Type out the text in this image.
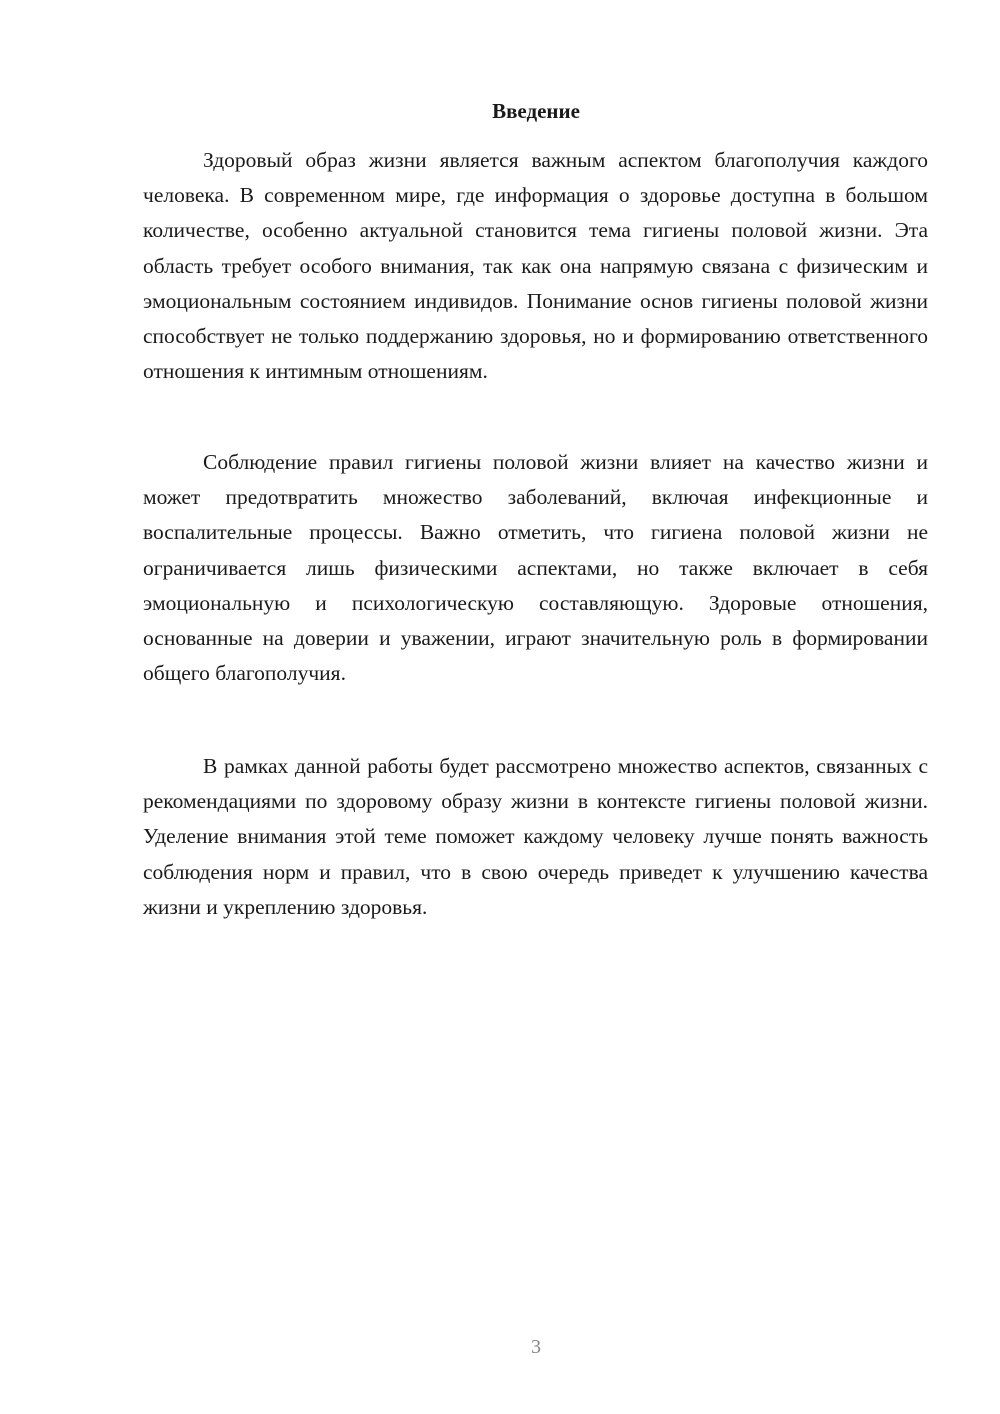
Введение

Здоровый образ жизни является важным аспектом благополучия каждого человека. В современном мире, где информация о здоровье доступна в большом количестве, особенно актуальной становится тема гигиены половой жизни. Эта область требует особого внимания, так как она напрямую связана с физическим и эмоциональным состоянием индивидов. Понимание основ гигиены половой жизни способствует не только поддержанию здоровья, но и формированию ответственного отношения к интимным отношениям.

Соблюдение правил гигиены половой жизни влияет на качество жизни и может предотвратить множество заболеваний, включая инфекционные и воспалительные процессы. Важно отметить, что гигиена половой жизни не ограничивается лишь физическими аспектами, но также включает в себя эмоциональную и психологическую составляющую. Здоровые отношения, основанные на доверии и уважении, играют значительную роль в формировании общего благополучия.

В рамках данной работы будет рассмотрено множество аспектов, связанных с рекомендациями по здоровому образу жизни в контексте гигиены половой жизни. Уделение внимания этой теме поможет каждому человеку лучше понять важность соблюдения норм и правил, что в свою очередь приведет к улучшению качества жизни и укреплению здоровья.

3
